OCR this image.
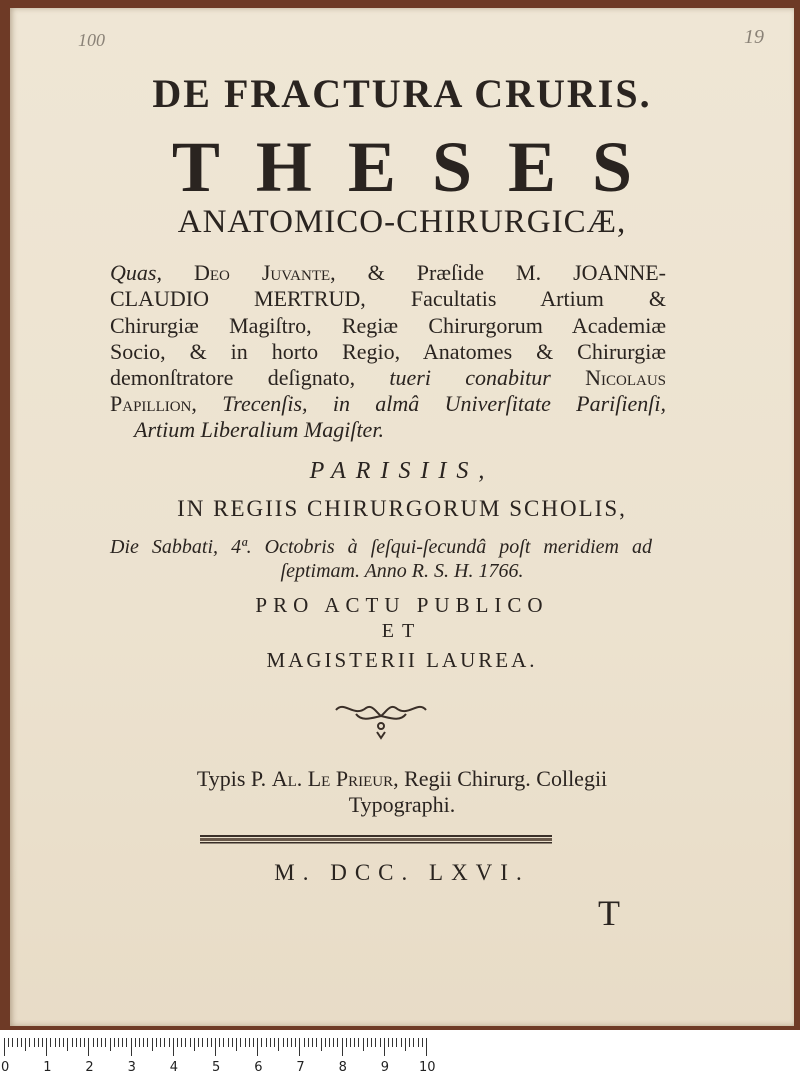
100	19
DE FRACTURA CRURIS.
THESES
ANATOMICO-CHIRURGICÆ,
Quas, Deo Juvante, & Præſide M. JOANNE-
CLAUDIO MERTRUD, Facultatis Artium &
Chirurgiæ Magiſtro, Regiæ Chirurgorum Academiæ
Socio, & in horto Regio, Anatomes & Chirurgiæ
demonſtratore deſignato, tueri conabitur Nicolaus
Papillion, Trecenſis, in almâ Univerſitate Pariſienſi,
Artium Liberalium Magiſter.
PARISIIS,
IN REGIIS CHIRURGORUM SCHOLIS,
Die Sabbati, 4ª. Octobris à ſeſqui-ſecundâ poſt meridiem ad
ſeptimam. Anno R. S. H. 1766.
PRO ACTU PUBLICO
ET
MAGISTERII LAUREA.
Typis P. Al. Le Prieur, Regii Chirurg. Collegii
Typographi.
M. DCC. LXVI.
T
0	1	2	3	4	5	6	7	8	9 10
